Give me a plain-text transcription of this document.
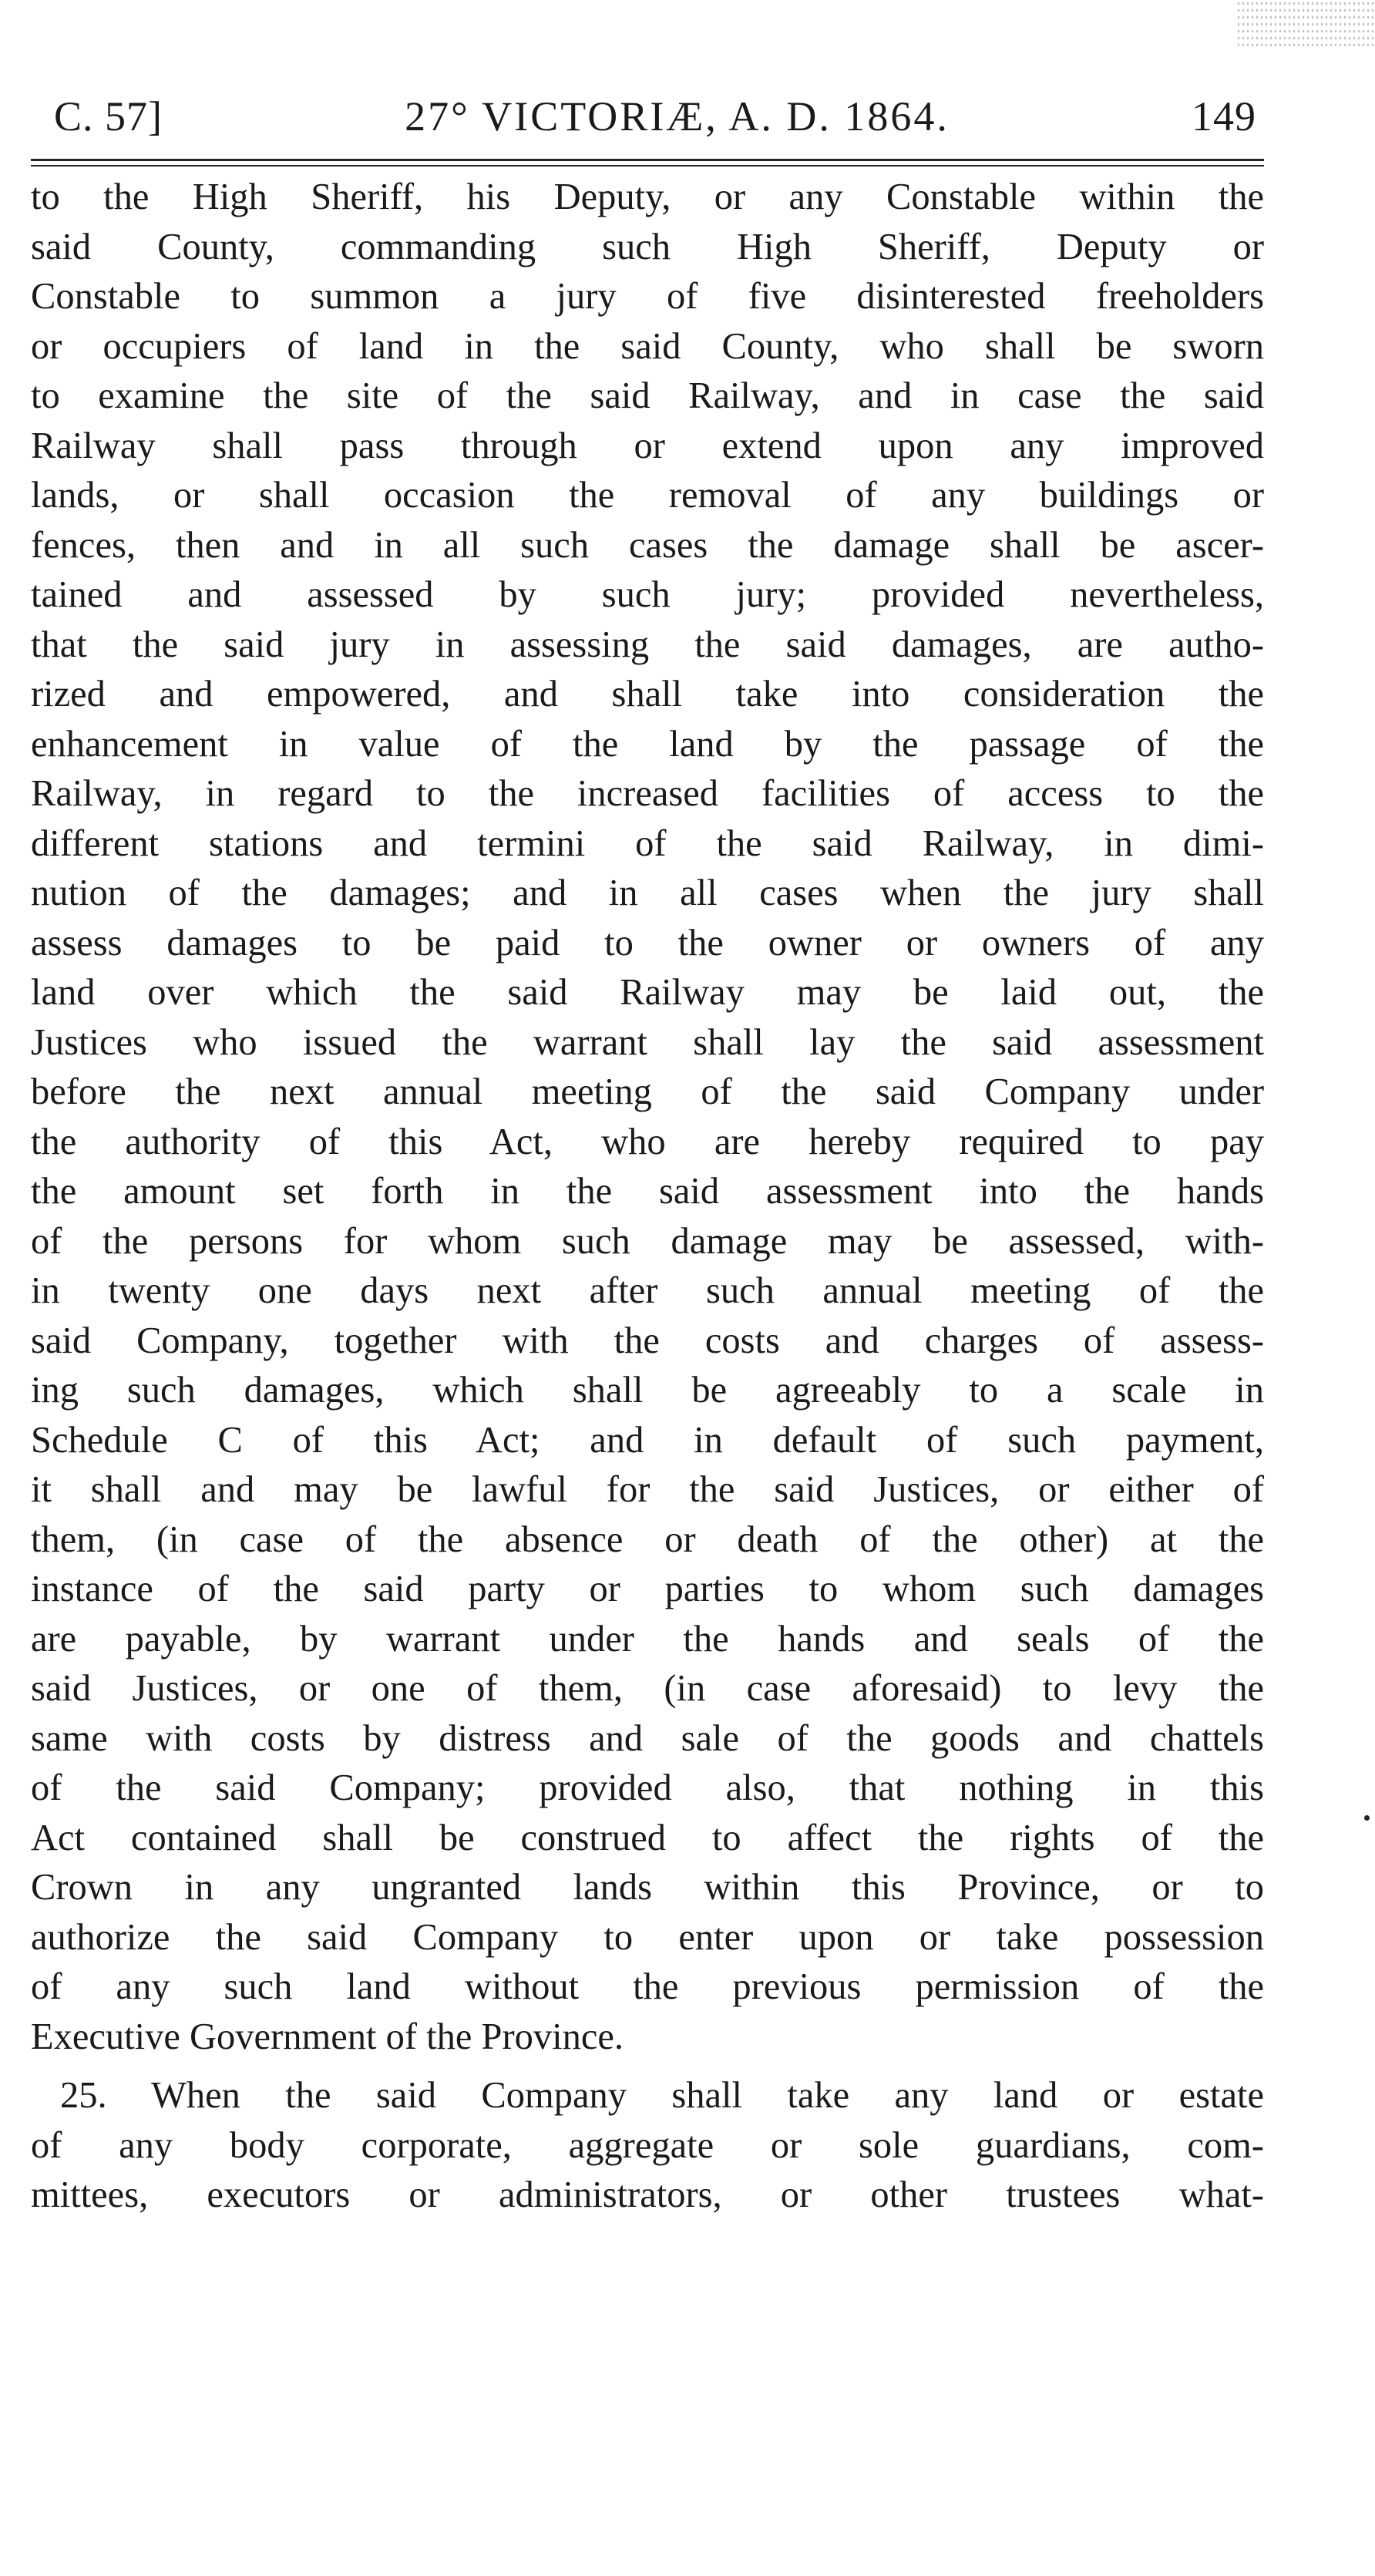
C. 57]	27° VICTORIÆ, A. D. 1864.	149
to the High Sheriff, his Deputy, or any Constable within the
said County, commanding such High Sheriff, Deputy or
Constable to summon a jury of five disinterested freeholders
or occupiers of land in the said County, who shall be sworn
to examine the site of the said Railway, and in case the said
Railway shall pass through or extend upon any improved
lands, or shall occasion the removal of any buildings or
fences, then and in all such cases the damage shall be ascer-
tained and assessed by such jury; provided nevertheless,
that the said jury in assessing the said damages, are autho-
rized and empowered, and shall take into consideration the
enhancement in value of the land by the passage of the
Railway, in regard to the increased facilities of access to the
different stations and termini of the said Railway, in dimi-
nution of the damages; and in all cases when the jury shall
assess damages to be paid to the owner or owners of any
land over which the said Railway may be laid out, the
Justices who issued the warrant shall lay the said assessment
before the next annual meeting of the said Company under
the authority of this Act, who are hereby required to pay
the amount set forth in the said assessment into the hands
of the persons for whom such damage may be assessed, with-
in twenty one days next after such annual meeting of the
said Company, together with the costs and charges of assess-
ing such damages, which shall be agreeably to a scale in
Schedule C of this Act; and in default of such payment,
it shall and may be lawful for the said Justices, or either of
them, (in case of the absence or death of the other) at the
instance of the said party or parties to whom such damages
are payable, by warrant under the hands and seals of the
said Justices, or one of them, (in case aforesaid) to levy the
same with costs by distress and sale of the goods and chattels
of the said Company; provided also, that nothing in this
Act contained shall be construed to affect the rights of the
Crown in any ungranted lands within this Province, or to
authorize the said Company to enter upon or take possession
of any such land without the previous permission of the
Executive Government of the Province.
25. When the said Company shall take any land or estate
of any body corporate, aggregate or sole guardians, com-
mittees, executors or administrators, or other trustees what-
